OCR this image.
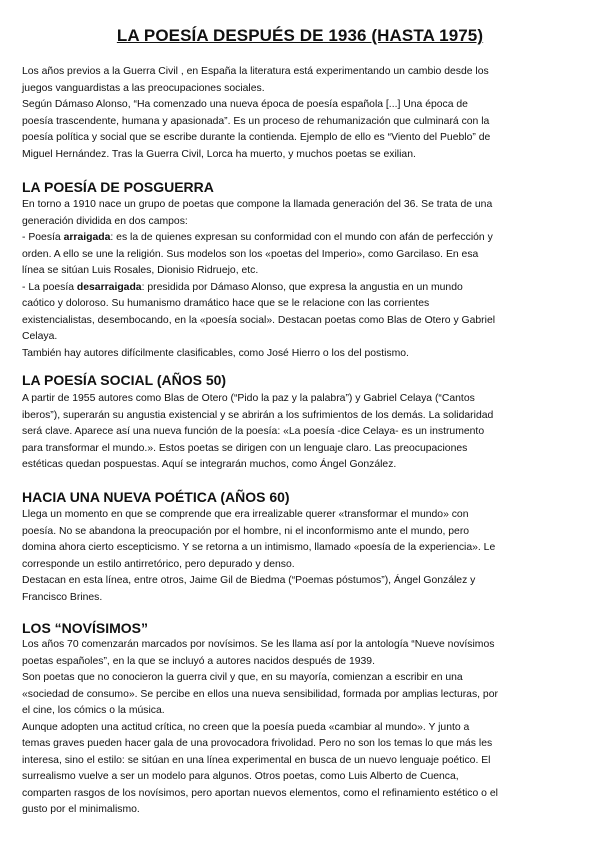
LA POESÍA DESPUÉS DE 1936 (HASTA 1975)
Los años previos a la Guerra Civil , en España la literatura está experimentando un cambio desde los
juegos vanguardistas a las preocupaciones sociales.
Según Dámaso Alonso, “Ha comenzado una nueva época de poesía española [...] Una época de
poesía trascendente, humana y apasionada”. Es un proceso de rehumanización que culminará con la
poesía política y social que se escribe durante la contienda. Ejemplo de ello es “Viento del Pueblo” de
Miguel Hernández. Tras la Guerra Civil, Lorca ha muerto, y muchos poetas se exilian.
LA POESÍA DE POSGUERRA
En torno a 1910 nace un grupo de poetas que compone la llamada generación del 36. Se trata de una
generación dividida en dos campos:
- Poesía arraigada: es la de quienes expresan su conformidad con el mundo con afán de perfección y
orden. A ello se une la religión. Sus modelos son los «poetas del Imperio», como Garcilaso. En esa
línea se sitúan Luis Rosales, Dionisio Ridruejo, etc.
- La poesía desarraigada: presidida por Dámaso Alonso, que expresa la angustia en un mundo
caótico y doloroso. Su humanismo dramático hace que se le relacione con las corrientes
existencialistas, desembocando, en la «poesía social». Destacan poetas como Blas de Otero y Gabriel
Celaya.
También hay autores difícilmente clasificables, como José Hierro o los del postismo.
LA POESÍA SOCIAL (AÑOS 50)
A partir de 1955 autores como Blas de Otero (“Pido la paz y la palabra”) y Gabriel Celaya (“Cantos
iberos”), superarán su angustia existencial y se abrirán a los sufrimientos de los demás. La solidaridad
será clave. Aparece así una nueva función de la poesía: «La poesía -dice Celaya- es un instrumento
para transformar el mundo.». Estos poetas se dirigen con un lenguaje claro. Las preocupaciones
estéticas quedan pospuestas. Aquí se integrarán muchos, como Ángel González.
HACIA UNA NUEVA POÉTICA (AÑOS 60)
Llega un momento en que se comprende que era irrealizable querer «transformar el mundo» con
poesía. No se abandona la preocupación por el hombre, ni el inconformismo ante el mundo, pero
domina ahora cierto escepticismo. Y se retorna a un intimismo, llamado «poesía de la experiencia». Le
corresponde un estilo antirretórico, pero depurado y denso.
Destacan en esta línea, entre otros, Jaime Gil de Biedma (“Poemas póstumos”), Ángel González y
Francisco Brines.
LOS “NOVÍSIMOS”
Los años 70 comenzarán marcados por novísimos. Se les llama así por la antología “Nueve novísimos
poetas españoles”, en la que se incluyó a autores nacidos después de 1939.
Son poetas que no conocieron la guerra civil y que, en su mayoría, comienzan a escribir en una
«sociedad de consumo». Se percibe en ellos una nueva sensibilidad, formada por amplias lecturas, por
el cine, los cómics o la música.
Aunque adopten una actitud crítica, no creen que la poesía pueda «cambiar al mundo». Y junto a
temas graves pueden hacer gala de una provocadora frivolidad. Pero no son los temas lo que más les
interesa, sino el estilo: se sitúan en una línea experimental en busca de un nuevo lenguaje poético. El
surrealismo vuelve a ser un modelo para algunos. Otros poetas, como Luis Alberto de Cuenca,
comparten rasgos de los novísimos, pero aportan nuevos elementos, como el refinamiento estético o el
gusto por el minimalismo.
